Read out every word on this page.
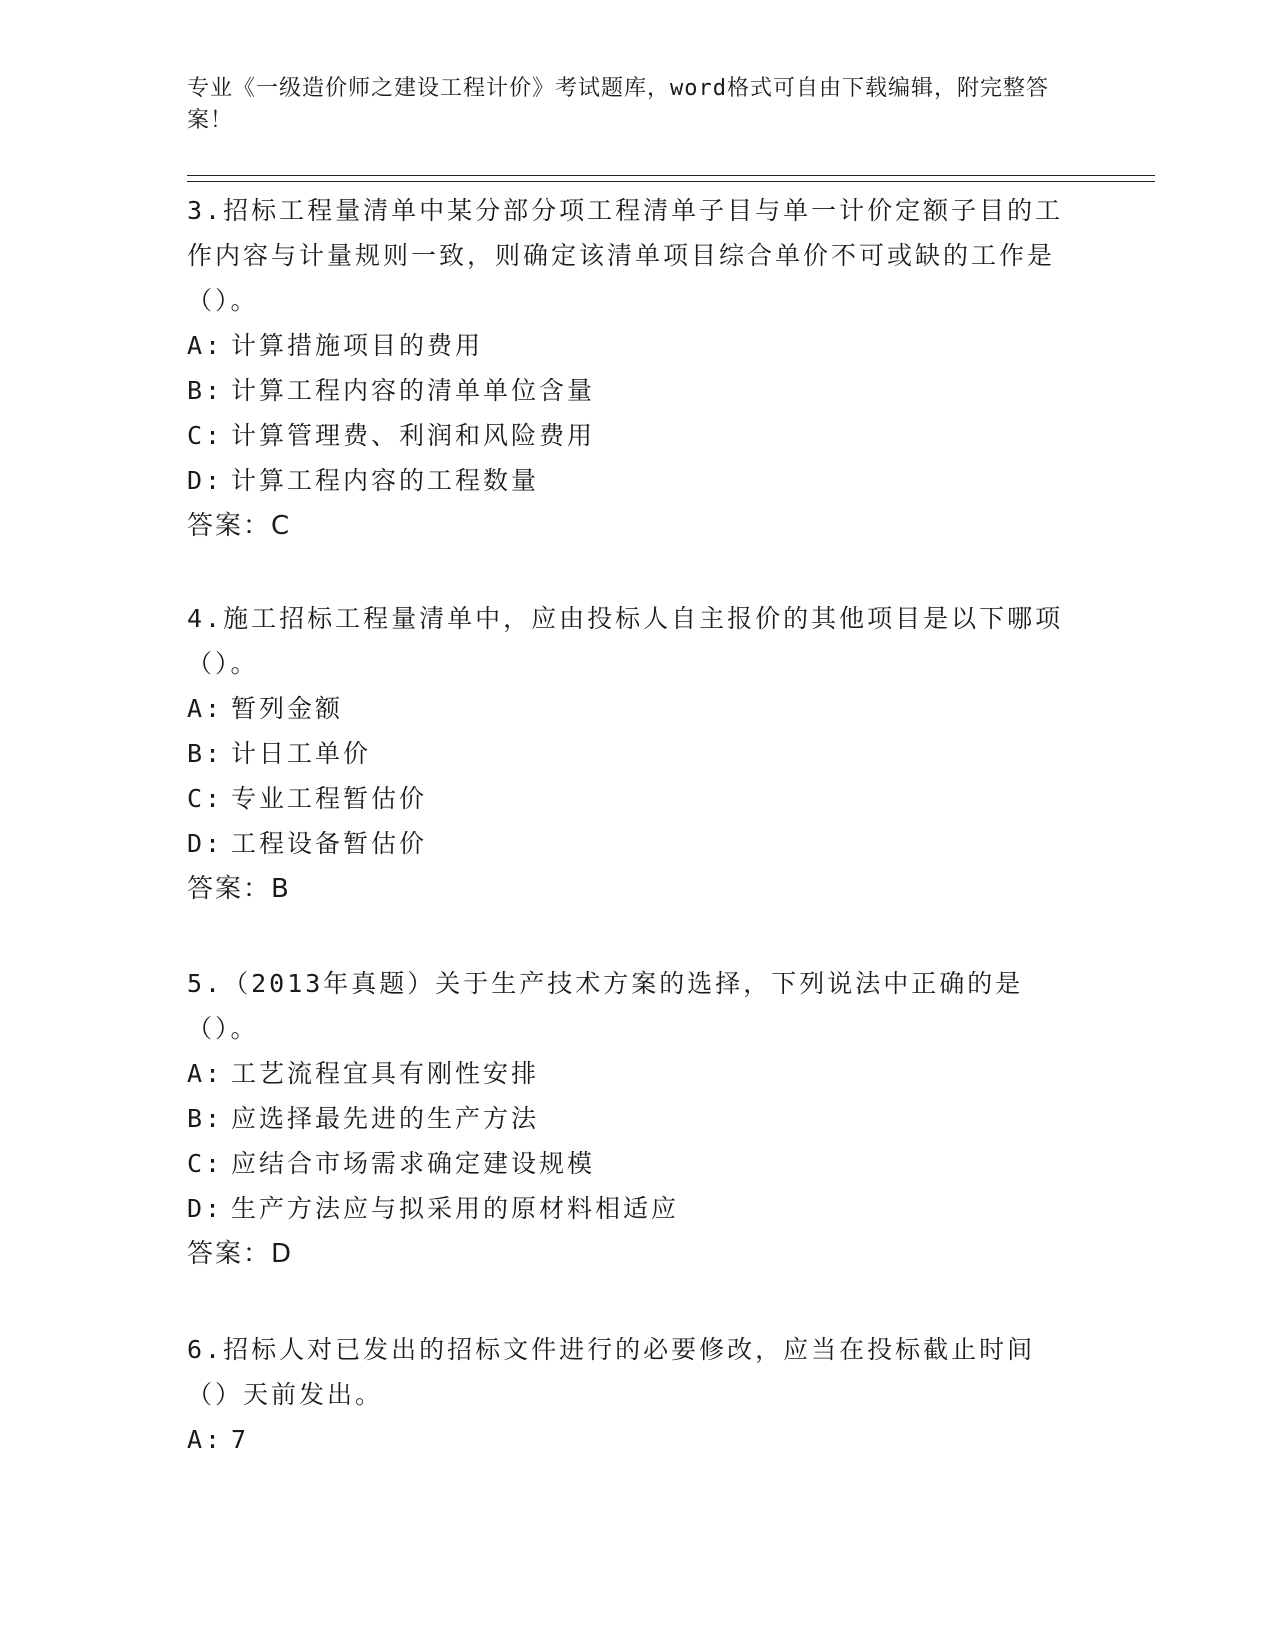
专业《一级造价师之建设工程计价》考试题库，word格式可自由下载编辑，附完整答案！

3.招标工程量清单中某分部分项工程清单子目与单一计价定额子目的工作内容与计量规则一致，则确定该清单项目综合单价不可或缺的工作是（）。

A: 计算措施项目的费用

B: 计算工程内容的清单单位含量

C: 计算管理费、利润和风险费用

D: 计算工程内容的工程数量

答案：C

4.施工招标工程量清单中，应由投标人自主报价的其他项目是以下哪项（）。

A: 暂列金额

B: 计日工单价

C: 专业工程暂估价

D: 工程设备暂估价

答案：B

5.（2013年真题）关于生产技术方案的选择，下列说法中正确的是（）。

A: 工艺流程宜具有刚性安排

B: 应选择最先进的生产方法

C: 应结合市场需求确定建设规模

D: 生产方法应与拟采用的原材料相适应

答案：D

6.招标人对已发出的招标文件进行的必要修改，应当在投标截止时间（）天前发出。

A: 7
